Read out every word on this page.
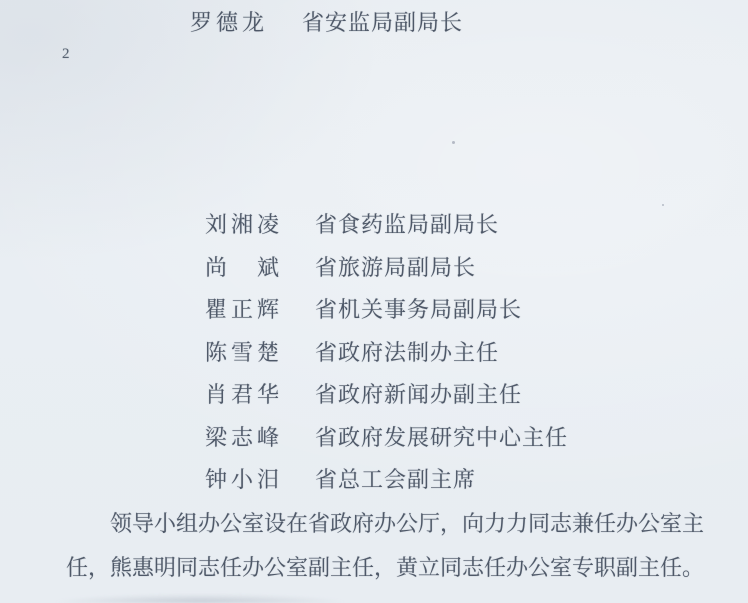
2
罗德龙 省安监局副局长
刘湘凌 省食药监局副局长
尚　斌 省旅游局副局长
瞿正辉 省机关事务局副局长
陈雪楚 省政府法制办主任
肖君华 省政府新闻办副主任
梁志峰 省政府发展研究中心主任
钟小汨 省总工会副主席

领导小组办公室设在省政府办公厅，向力力同志兼任办公室主任，熊惠明同志任办公室副主任，黄立同志任办公室专职副主任。
